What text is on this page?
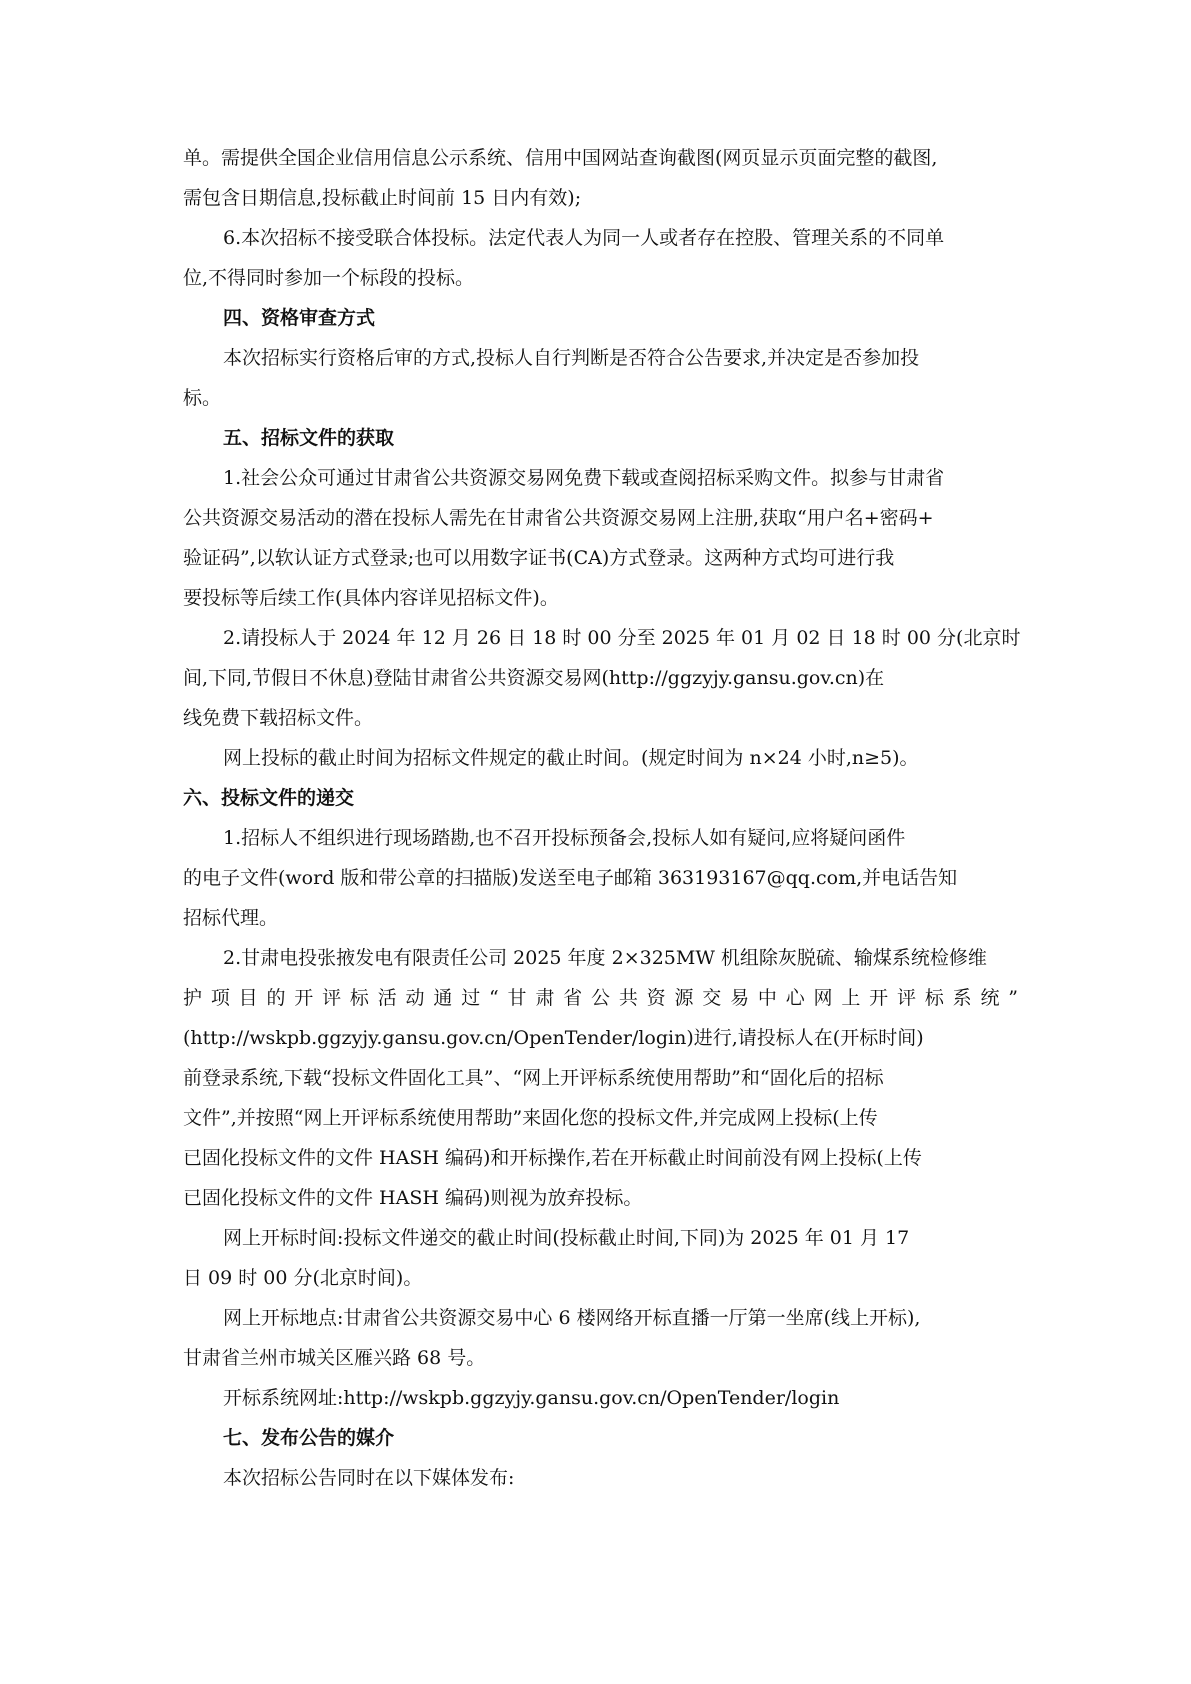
单。需提供全国企业信用信息公示系统、信用中国网站查询截图(网页显示页面完整的截图,
需包含日期信息,投标截止时间前 15 日内有效);
6.本次招标不接受联合体投标。法定代表人为同一人或者存在控股、管理关系的不同单
位,不得同时参加一个标段的投标。
四、资格审查方式
本次招标实行资格后审的方式,投标人自行判断是否符合公告要求,并决定是否参加投
标。
五、招标文件的获取
1.社会公众可通过甘肃省公共资源交易网免费下载或查阅招标采购文件。拟参与甘肃省
公共资源交易活动的潜在投标人需先在甘肃省公共资源交易网上注册,获取“用户名+密码+
验证码”,以软认证方式登录;也可以用数字证书(CA)方式登录。这两种方式均可进行我
要投标等后续工作(具体内容详见招标文件)。
2.请投标人于 2024 年 12 月 26 日 18 时 00 分至 2025 年 01 月 02 日 18 时 00 分(北京时
间,下同,节假日不休息)登陆甘肃省公共资源交易网(http://ggzyjy.gansu.gov.cn)在
线免费下载招标文件。
网上投标的截止时间为招标文件规定的截止时间。(规定时间为 n×24 小时,n≥5)。
六、投标文件的递交
1.招标人不组织进行现场踏勘,也不召开投标预备会,投标人如有疑问,应将疑问函件
的电子文件(word 版和带公章的扫描版)发送至电子邮箱 363193167@qq.com,并电话告知
招标代理。
2.甘肃电投张掖发电有限责任公司 2025 年度 2×325MW 机组除灰脱硫、输煤系统检修维
护项目的开评标活动通过“甘肃省公共资源交易中心网上开评标系统”
(http://wskpb.ggzyjy.gansu.gov.cn/OpenTender/login)进行,请投标人在(开标时间)
前登录系统,下载“投标文件固化工具”、“网上开评标系统使用帮助”和“固化后的招标
文件”,并按照“网上开评标系统使用帮助”来固化您的投标文件,并完成网上投标(上传
已固化投标文件的文件 HASH 编码)和开标操作,若在开标截止时间前没有网上投标(上传
已固化投标文件的文件 HASH 编码)则视为放弃投标。
网上开标时间:投标文件递交的截止时间(投标截止时间,下同)为 2025 年 01 月 17
日 09 时 00 分(北京时间)。
网上开标地点:甘肃省公共资源交易中心 6 楼网络开标直播一厅第一坐席(线上开标),
甘肃省兰州市城关区雁兴路 68 号。
开标系统网址:http://wskpb.ggzyjy.gansu.gov.cn/OpenTender/login
七、发布公告的媒介
本次招标公告同时在以下媒体发布:
